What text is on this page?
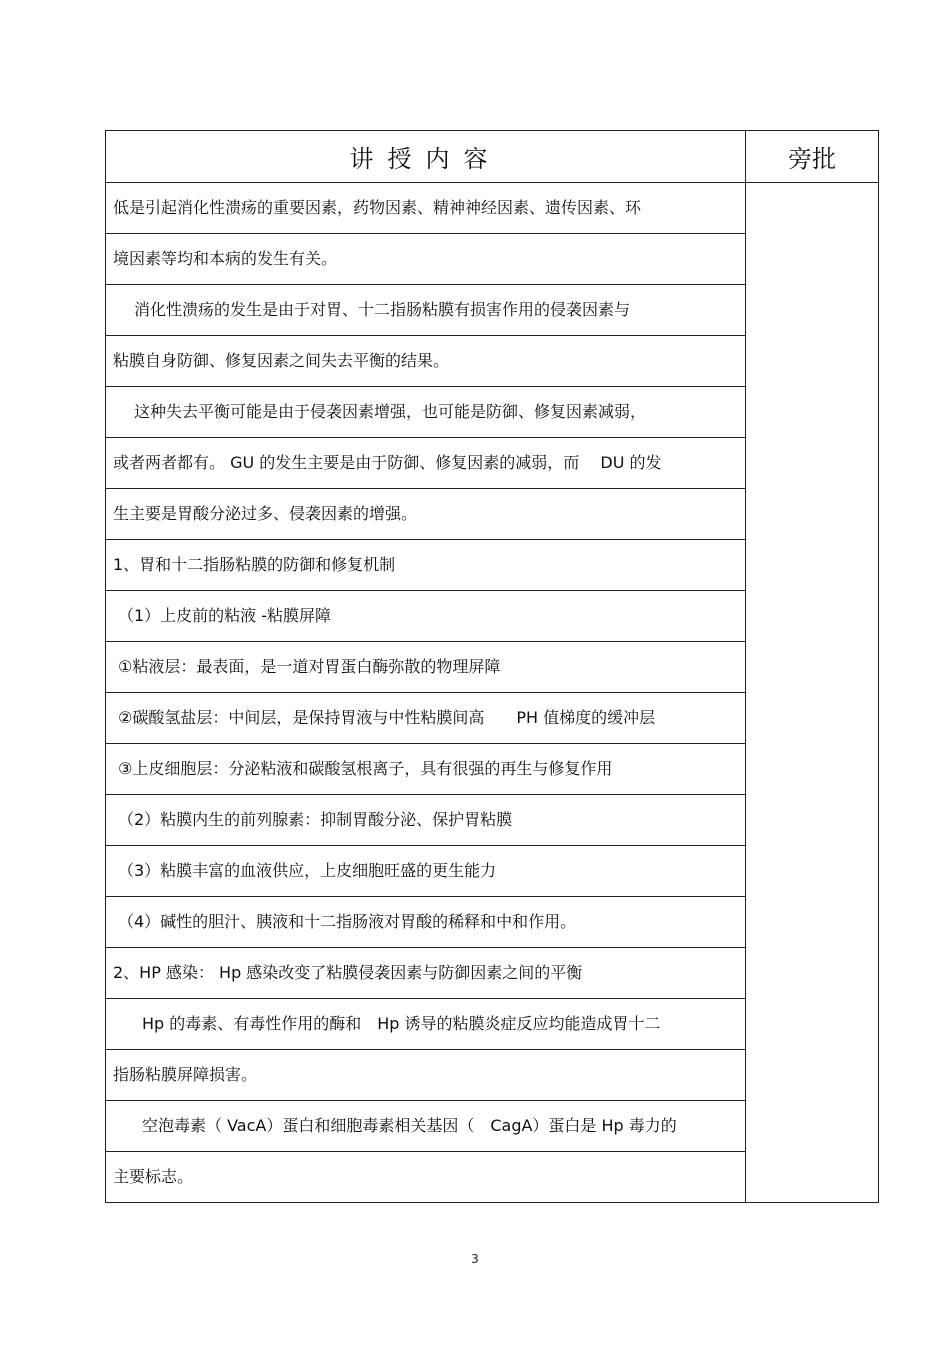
讲授内容	旁批
低是引起消化性溃疡的重要因素，药物因素、精神神经因素、遗传因素、环	
境因素等均和本病的发生有关。	
消化性溃疡的发生是由于对胃、十二指肠粘膜有损害作用的侵袭因素与	
粘膜自身防御、修复因素之间失去平衡的结果。	
这种失去平衡可能是由于侵袭因素增强，也可能是防御、修复因素减弱，	
或者两者都有。 GU 的发生主要是由于防御、修复因素的减弱，而　 DU 的发	
生主要是胃酸分泌过多、侵袭因素的增强。	
1、胃和十二指肠粘膜的防御和修复机制	
（1）上皮前的粘液 -粘膜屏障	
①粘液层：最表面，是一道对胃蛋白酶弥散的物理屏障	
②碳酸氢盐层：中间层，是保持胃液与中性粘膜间高　　PH 值梯度的缓冲层	
③上皮细胞层：分泌粘液和碳酸氢根离子，具有很强的再生与修复作用	
（2）粘膜内生的前列腺素：抑制胃酸分泌、保护胃粘膜	
（3）粘膜丰富的血液供应，上皮细胞旺盛的更生能力	
（4）碱性的胆汁、胰液和十二指肠液对胃酸的稀释和中和作用。	
2、HP 感染： Hp 感染改变了粘膜侵袭因素与防御因素之间的平衡	
Hp 的毒素、有毒性作用的酶和　Hp 诱导的粘膜炎症反应均能造成胃十二	
指肠粘膜屏障损害。	
空泡毒素（ VacA）蛋白和细胞毒素相关基因（　CagA）蛋白是 Hp 毒力的	
主要标志。	
3
